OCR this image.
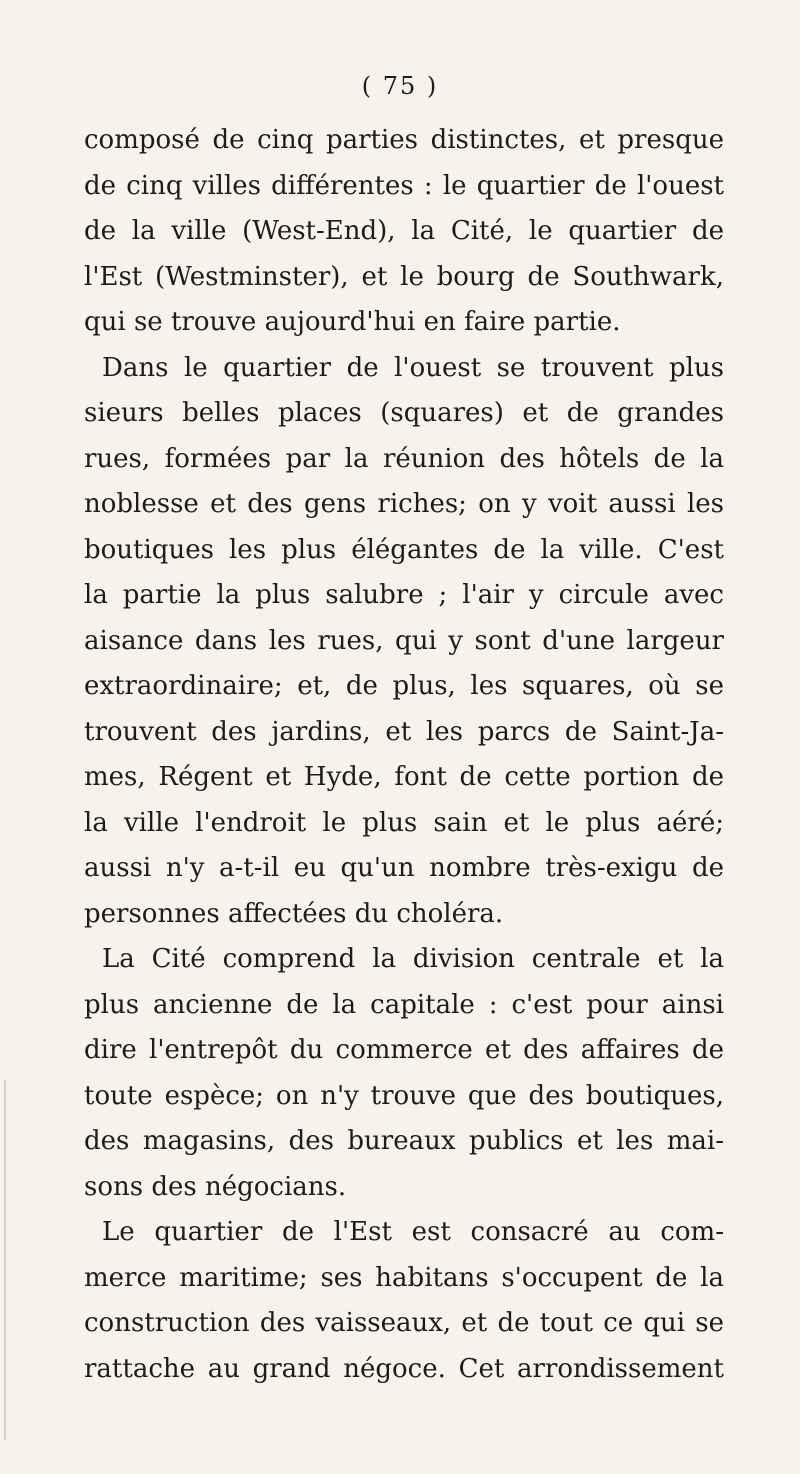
( 75 )
composé de cinq parties distinctes, et presque
de cinq villes différentes : le quartier de l'ouest
de la ville (West-End), la Cité, le quartier de
l'Est (Westminster), et le bourg de Southwark,
qui se trouve aujourd'hui en faire partie.
Dans le quartier de l'ouest se trouvent plus
sieurs belles places (squares) et de grandes
rues, formées par la réunion des hôtels de la
noblesse et des gens riches; on y voit aussi les
boutiques les plus élégantes de la ville. C'est
la partie la plus salubre ; l'air y circule avec
aisance dans les rues, qui y sont d'une largeur
extraordinaire; et, de plus, les squares, où se
trouvent des jardins, et les parcs de Saint-Ja-
mes, Régent et Hyde, font de cette portion de
la ville l'endroit le plus sain et le plus aéré;
aussi n'y a-t-il eu qu'un nombre très-exigu de
personnes affectées du choléra.
La Cité comprend la division centrale et la
plus ancienne de la capitale : c'est pour ainsi
dire l'entrepôt du commerce et des affaires de
toute espèce; on n'y trouve que des boutiques,
des magasins, des bureaux publics et les mai-
sons des négocians.
Le quartier de l'Est est consacré au com-
merce maritime; ses habitans s'occupent de la
construction des vaisseaux, et de tout ce qui se
rattache au grand négoce. Cet arrondissement
